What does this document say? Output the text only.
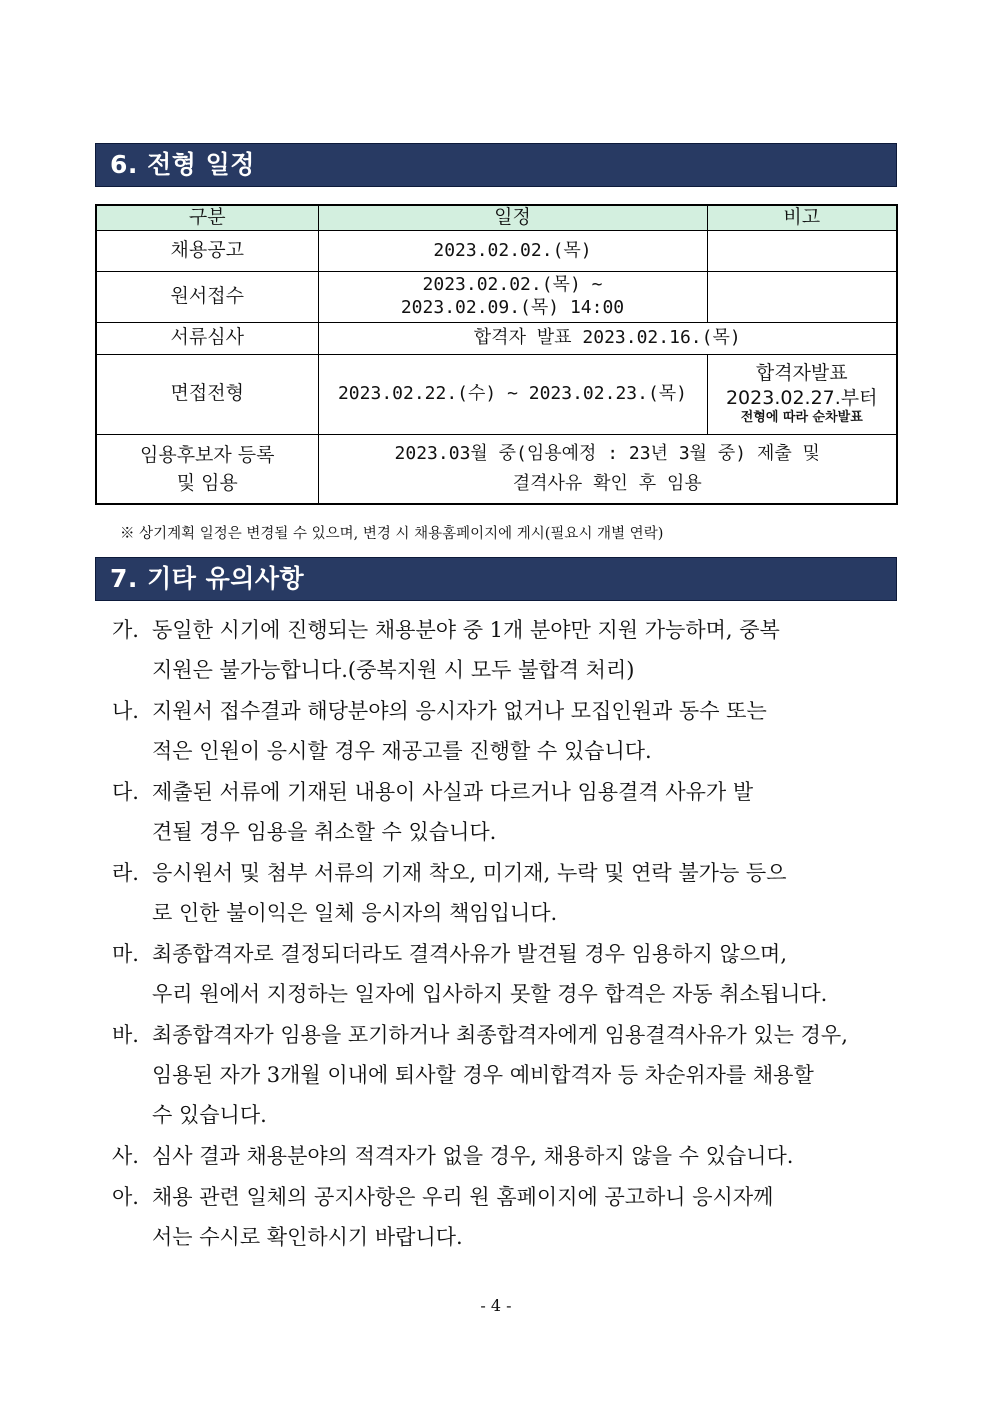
6. 전형 일정
구분	일정	비고
채용공고	2023.02.02.(목)	
원서접수	2023.02.02.(목) ~
2023.02.09.(목) 14:00	

서류심사	합격자 발표 2023.02.16.(목)	
면접전형	2023.02.22.(수) ~ 2023.02.23.(목)	합격자발표
2023.02.27.부터
전형에 따라 순차발표

임용후보자 등록
및 임용	2023.03월 중(임용예정 : 23년 3월 중) 제출 및
결격사유 확인 후 임용	
※ 상기계획 일정은 변경될 수 있으며, 변경 시 채용홈페이지에 게시(필요시 개별 연락)
7. 기타 유의사항
가. 동일한 시기에 진행되는 채용분야 중 1개 분야만 지원 가능하며, 중복
지원은 불가능합니다.(중복지원 시 모두 불합격 처리)
나. 지원서 접수결과 해당분야의 응시자가 없거나 모집인원과 동수 또는
적은 인원이 응시할 경우 재공고를 진행할 수 있습니다.
다. 제출된 서류에 기재된 내용이 사실과 다르거나 임용결격 사유가 발
견될 경우 임용을 취소할 수 있습니다.
라. 응시원서 및 첨부 서류의 기재 착오, 미기재, 누락 및 연락 불가능 등으
로 인한 불이익은 일체 응시자의 책임입니다.
마. 최종합격자로 결정되더라도 결격사유가 발견될 경우 임용하지 않으며,
우리 원에서 지정하는 일자에 입사하지 못할 경우 합격은 자동 취소됩니다.
바. 최종합격자가 임용을 포기하거나 최종합격자에게 임용결격사유가 있는 경우,
임용된 자가 3개월 이내에 퇴사할 경우 예비합격자 등 차순위자를 채용할
수 있습니다.
사. 심사 결과 채용분야의 적격자가 없을 경우, 채용하지 않을 수 있습니다.
아. 채용 관련 일체의 공지사항은 우리 원 홈페이지에 공고하니 응시자께
서는 수시로 확인하시기 바랍니다.
- 4 -
